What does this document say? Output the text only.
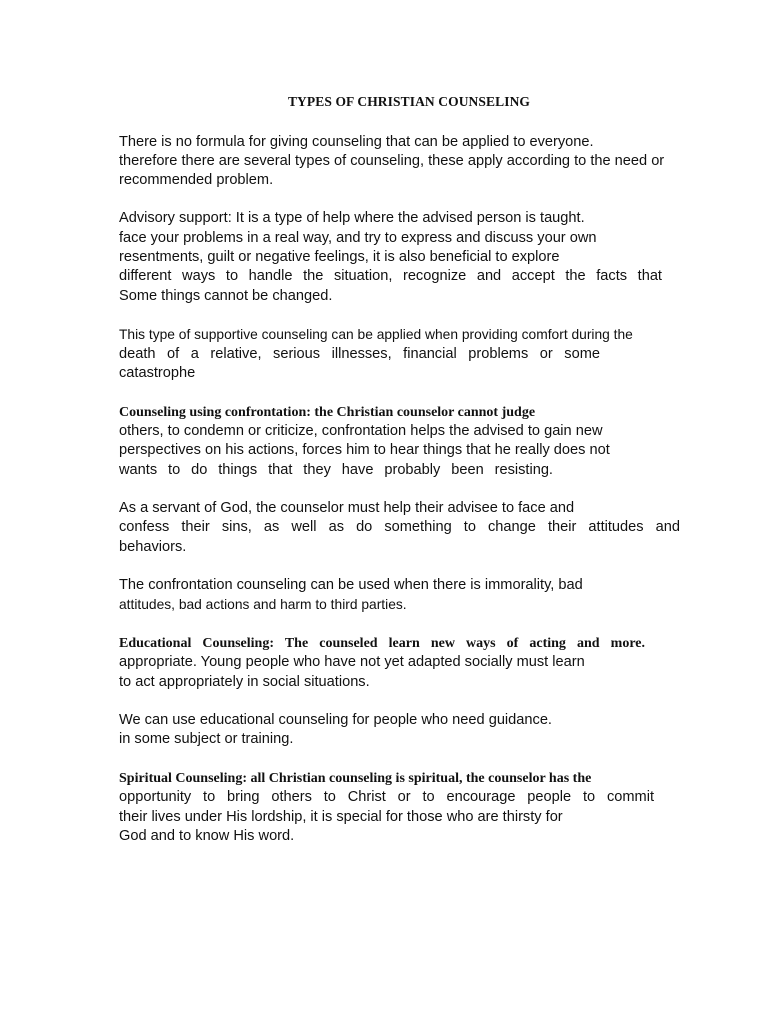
TYPES OF CHRISTIAN COUNSELING
There is no formula for giving counseling that can be applied to everyone.
therefore there are several types of counseling, these apply according to the need or
recommended problem.
Advisory support: It is a type of help where the advised person is taught.
face your problems in a real way, and try to express and discuss your own
resentments, guilt or negative feelings, it is also beneficial to explore
different ways to handle the situation, recognize and accept the facts that
Some things cannot be changed.
This type of supportive counseling can be applied when providing comfort during the
death of a relative, serious illnesses, financial problems or some
catastrophe
Counseling using confrontation: the Christian counselor cannot judge
others, to condemn or criticize, confrontation helps the advised to gain new
perspectives on his actions, forces him to hear things that he really does not
wants to do things that they have probably been resisting.
As a servant of God, the counselor must help their advisee to face and
confess their sins, as well as do something to change their attitudes and
behaviors.
The confrontation counseling can be used when there is immorality, bad
attitudes, bad actions and harm to third parties.
Educational Counseling: The counseled learn new ways of acting and more.
appropriate. Young people who have not yet adapted socially must learn
to act appropriately in social situations.
We can use educational counseling for people who need guidance.
in some subject or training.
Spiritual Counseling: all Christian counseling is spiritual, the counselor has the
opportunity to bring others to Christ or to encourage people to commit
their lives under His lordship, it is special for those who are thirsty for
God and to know His word.
